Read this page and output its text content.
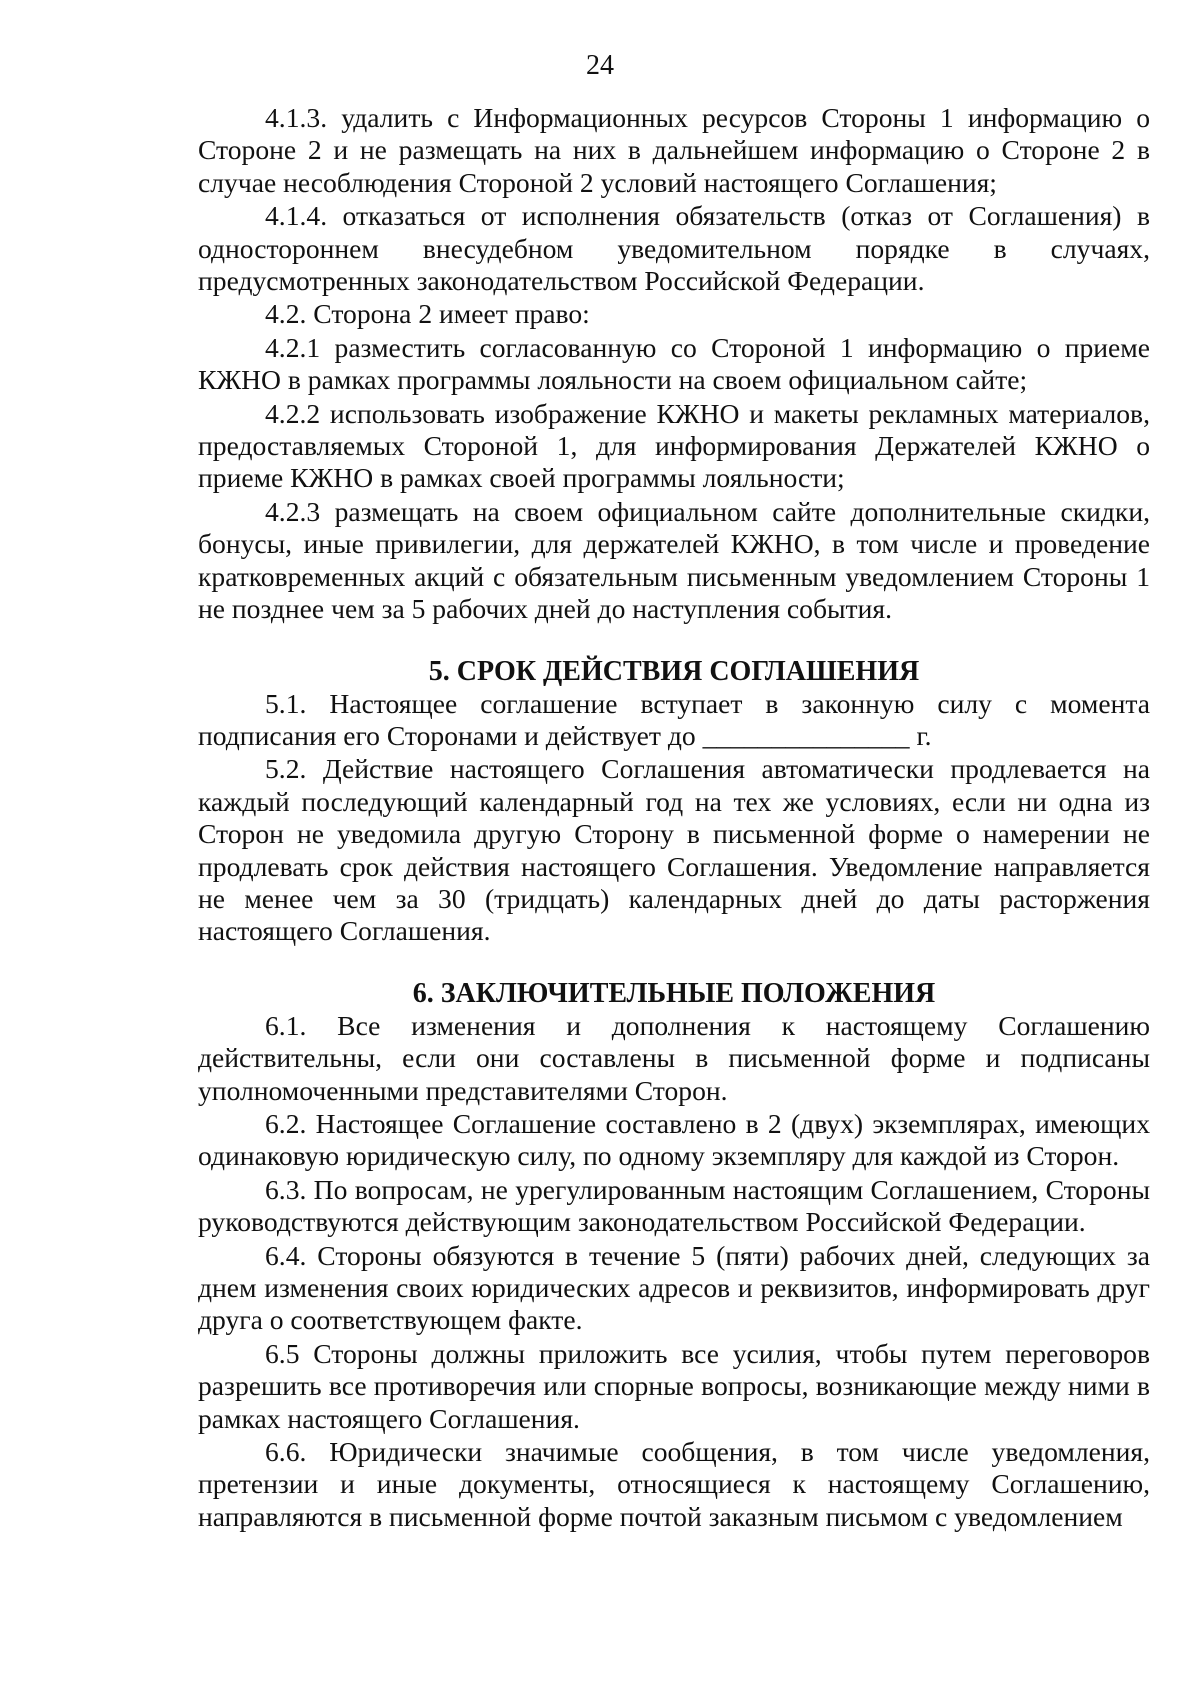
24

4.1.3. удалить с Информационных ресурсов Стороны 1 информацию о Стороне 2 и не размещать на них в дальнейшем информацию о Стороне 2 в случае несоблюдения Стороной 2 условий настоящего Соглашения;

4.1.4. отказаться от исполнения обязательств (отказ от Соглашения) в одностороннем внесудебном уведомительном порядке в случаях, предусмотренных законодательством Российской Федерации.

4.2. Сторона 2 имеет право:

4.2.1 разместить согласованную со Стороной 1 информацию о приеме КЖНО в рамках программы лояльности на своем официальном сайте;

4.2.2 использовать изображение КЖНО и макеты рекламных материалов, предоставляемых Стороной 1, для информирования Держателей КЖНО о приеме КЖНО в рамках своей программы лояльности;

4.2.3 размещать на своем официальном сайте дополнительные скидки, бонусы, иные привилегии, для держателей КЖНО, в том числе и проведение кратковременных акций с обязательным письменным уведомлением Стороны 1 не позднее чем за 5 рабочих дней до наступления события.

5. СРОК ДЕЙСТВИЯ СОГЛАШЕНИЯ

5.1. Настоящее соглашение вступает в законную силу с момента подписания его Сторонами и действует до _______________ г.

5.2. Действие настоящего Соглашения автоматически продлевается на каждый последующий календарный год на тех же условиях, если ни одна из Сторон не уведомила другую Сторону в письменной форме о намерении не продлевать срок действия настоящего Соглашения. Уведомление направляется не менее чем за 30 (тридцать) календарных дней до даты расторжения настоящего Соглашения.

6. ЗАКЛЮЧИТЕЛЬНЫЕ ПОЛОЖЕНИЯ

6.1. Все изменения и дополнения к настоящему Соглашению действительны, если они составлены в письменной форме и подписаны уполномоченными представителями Сторон.

6.2. Настоящее Соглашение составлено в 2 (двух) экземплярах, имеющих одинаковую юридическую силу, по одному экземпляру для каждой из Сторон.

6.3. По вопросам, не урегулированным настоящим Соглашением, Стороны руководствуются действующим законодательством Российской Федерации.

6.4. Стороны обязуются в течение 5 (пяти) рабочих дней, следующих за днем изменения своих юридических адресов и реквизитов, информировать друг друга о соответствующем факте.

6.5 Стороны должны приложить все усилия, чтобы путем переговоров разрешить все противоречия или спорные вопросы, возникающие между ними в рамках настоящего Соглашения.

6.6. Юридически значимые сообщения, в том числе уведомления, претензии и иные документы, относящиеся к настоящему Соглашению, направляются в письменной форме почтой заказным письмом с уведомлением
